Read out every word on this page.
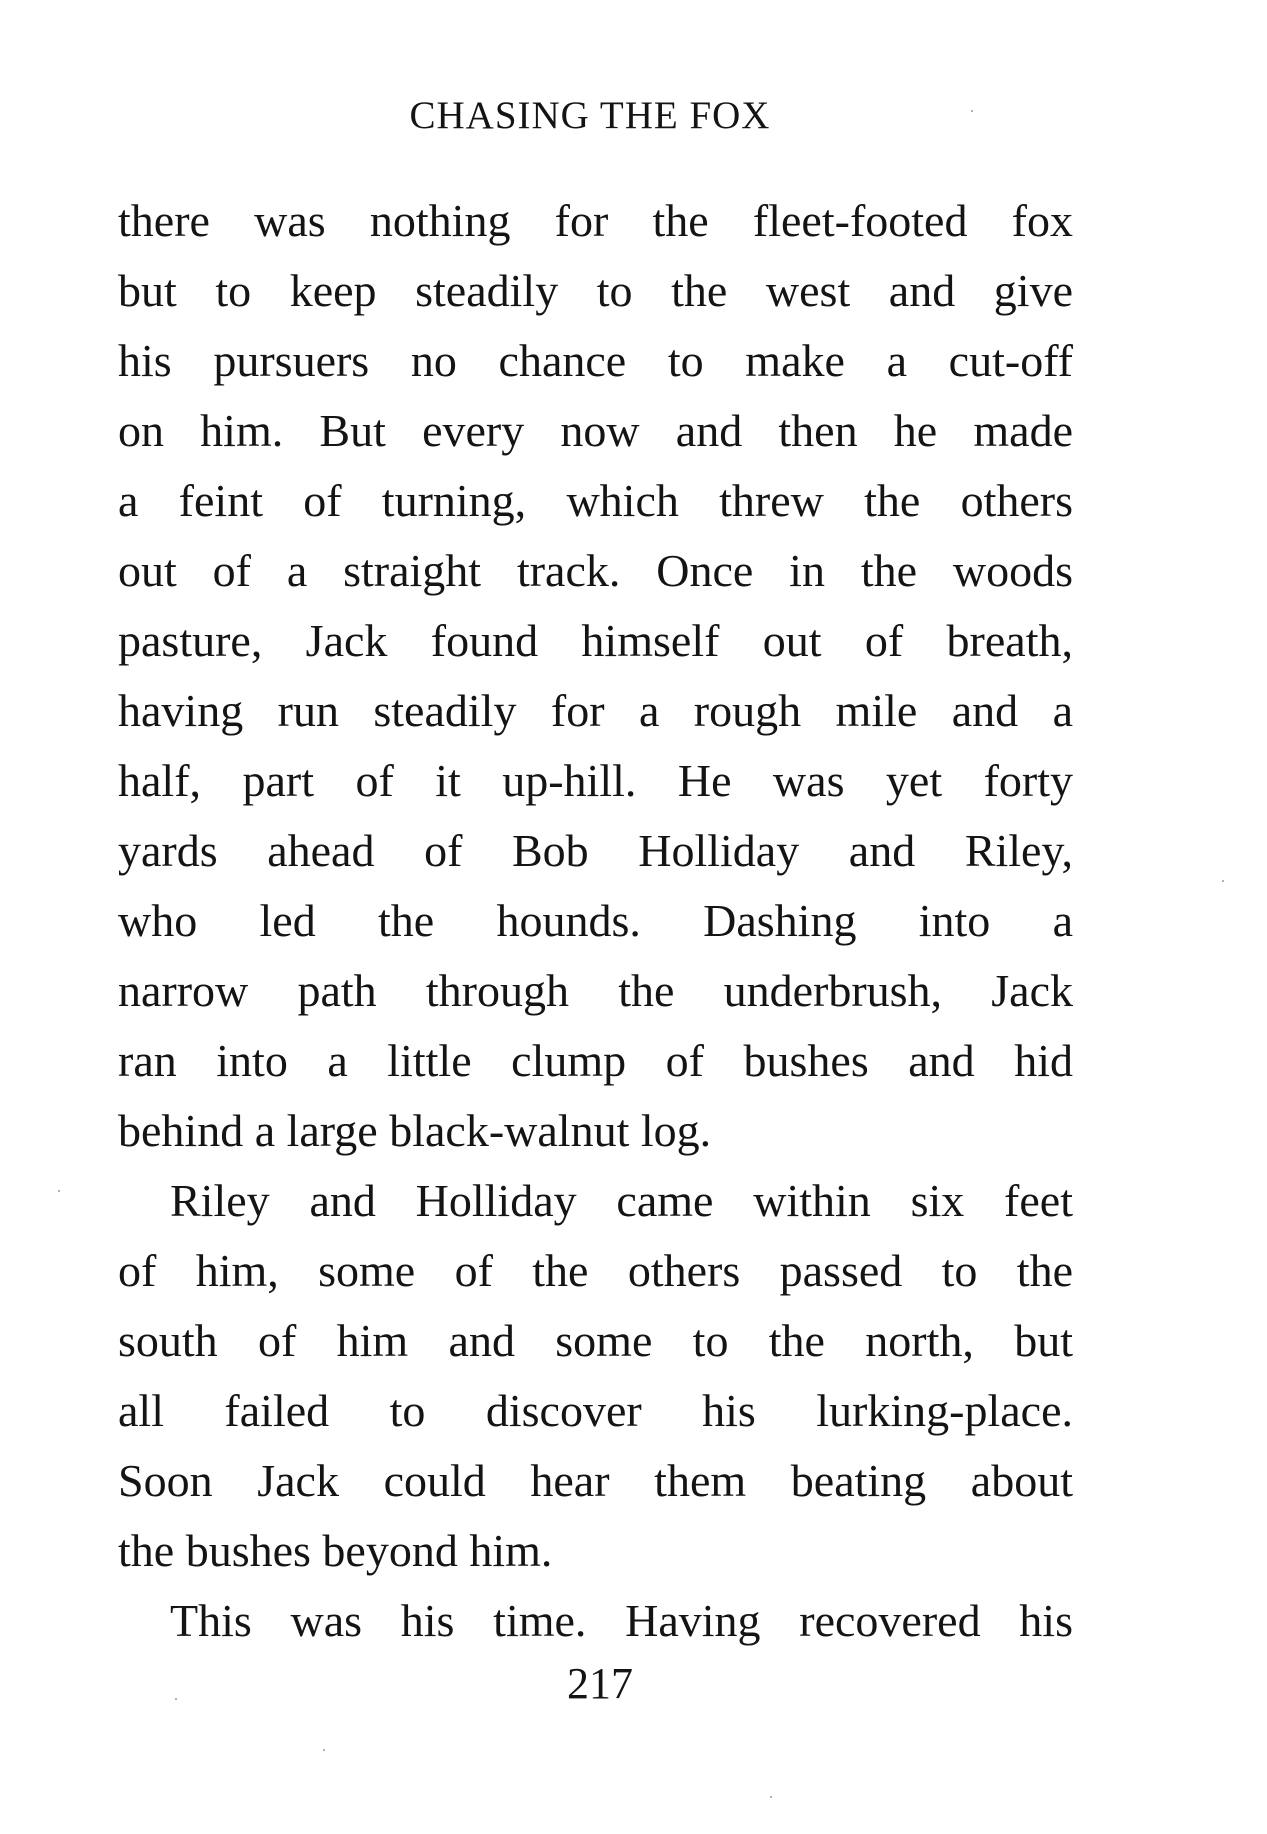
CHASING THE FOX
there was nothing for the fleet-footed fox
but to keep steadily to the west and give
his pursuers no chance to make a cut-off
on him. But every now and then he made
a feint of turning, which threw the others
out of a straight track. Once in the woods
pasture, Jack found himself out of breath,
having run steadily for a rough mile and a
half, part of it up-hill. He was yet forty
yards ahead of Bob Holliday and Riley,
who led the hounds. Dashing into a
narrow path through the underbrush, Jack
ran into a little clump of bushes and hid
behind a large black-walnut log.
Riley and Holliday came within six feet
of him, some of the others passed to the
south of him and some to the north, but
all failed to discover his lurking-place.
Soon Jack could hear them beating about
the bushes beyond him.
This was his time. Having recovered his
217
